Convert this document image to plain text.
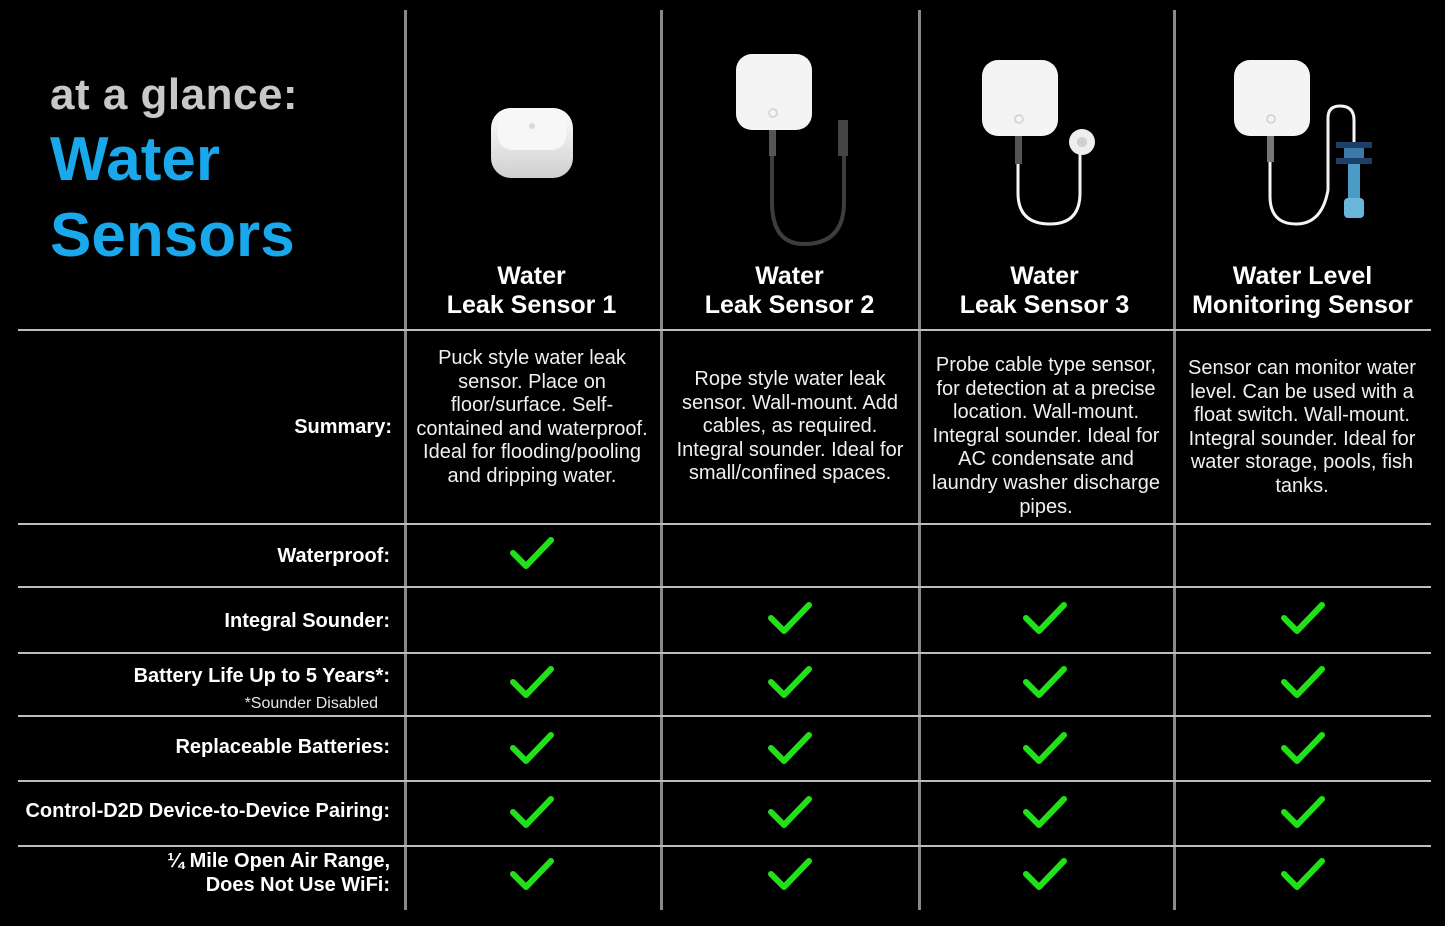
at a glance:
Water
Sensors
Water
Leak Sensor 1
Water
Leak Sensor 2
Water
Leak Sensor 3
Water Level
Monitoring Sensor
Summary:
Puck style water leak sensor. Place on floor/surface. Self-contained and waterproof. Ideal for flooding/pooling and dripping water.
Rope style water leak sensor. Wall-mount. Add cables, as required. Integral sounder. Ideal for small/confined spaces.
Probe cable type sensor, for detection at a precise location. Wall-mount. Integral sounder. Ideal for AC condensate and laundry washer discharge pipes.
Sensor can monitor water level. Can be used with a float switch. Wall-mount. Integral sounder. Ideal for water storage, pools, fish tanks.
Waterproof:
Integral Sounder:
Battery Life Up to 5 Years*:
*Sounder Disabled
Replaceable Batteries:
Control-D2D Device-to-Device Pairing:
¼ Mile Open Air Range,
Does Not Use WiFi:
